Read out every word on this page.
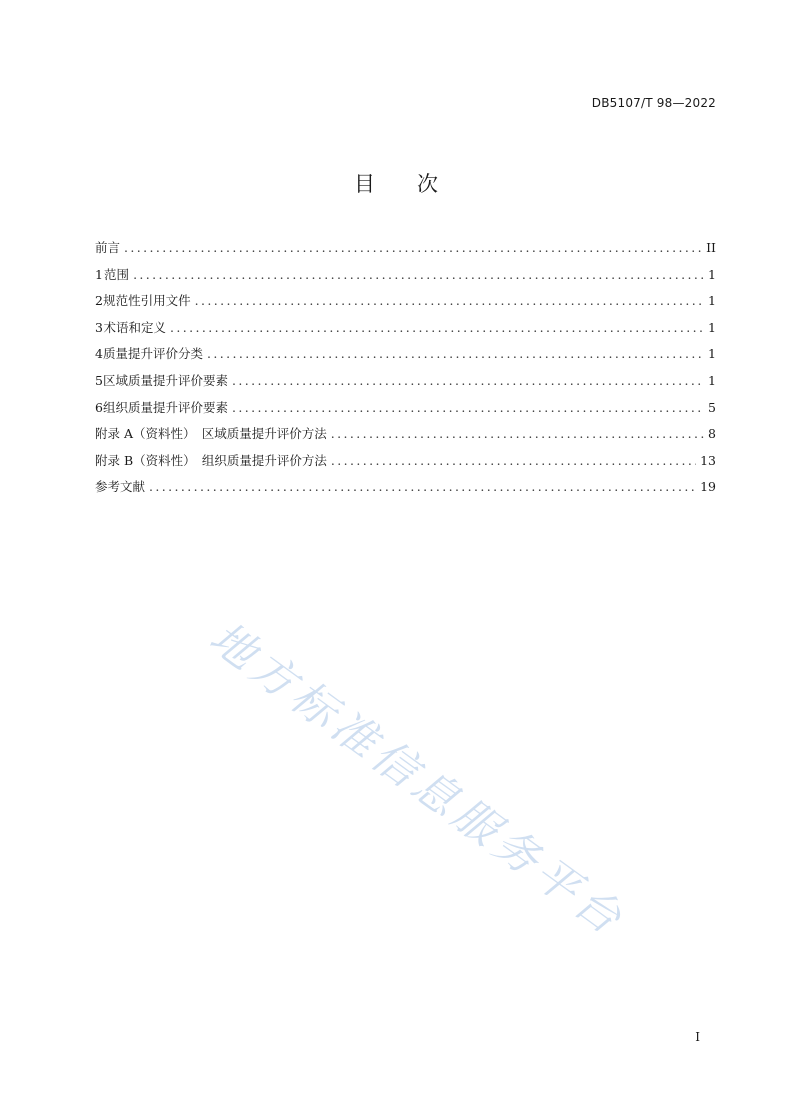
DB5107/T 98—2022
目 次
前言 .....	II
1 范围 .....	1
2 规范性引用文件 .....	1
3 术语和定义 .....	1
4 质量提升评价分类 .....	1
5 区域质量提升评价要素 .....	1
6 组织质量提升评价要素 .....	5
附录 A（资料性）　区域质量提升评价方法 .....	8
附录 B（资料性）　组织质量提升评价方法 .....	13
参考文献 .....	19
地方标准信息服务平台
I
